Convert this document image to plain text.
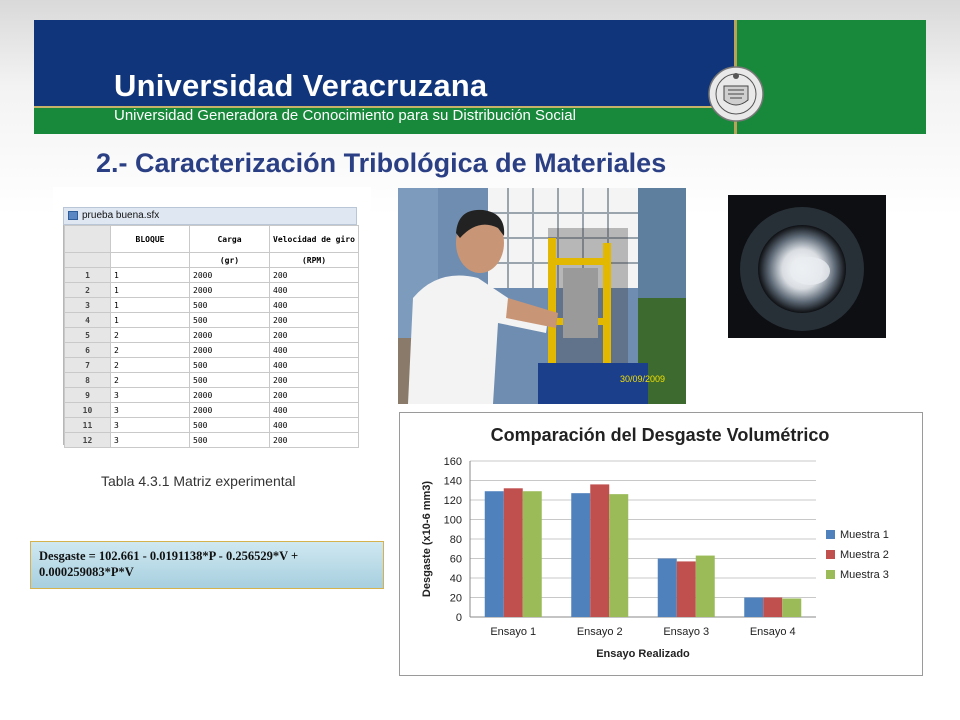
Universidad Veracruzana
Universidad Generadora de Conocimiento para su Distribución Social
2.- Caracterización Tribológica de Materiales
prueba buena.sfx
	BLOQUE	Carga	Velocidad de giro
		(gr)	(RPM)
1	1	2000	200
2	1	2000	400
3	1	500	400
4	1	500	200
5	2	2000	200
6	2	2000	400
7	2	500	400
8	2	500	200
9	3	2000	200
10	3	2000	400
11	3	500	400
12	3	500	200
Tabla 4.3.1 Matriz experimental
30/09/2009
Comparación del Desgaste Volumétrico
0
20
40
60
80
100
120
140
160
Ensayo 1	Ensayo 2	Ensayo 3	Ensayo 4
Ensayo Realizado
Desgaste (x10-6 mm3)	Muestra 1
Muestra 2
Muestra 3
Desgaste = 102.661 - 0.0191138*P - 0.256529*V + 0.000259083*P*V
